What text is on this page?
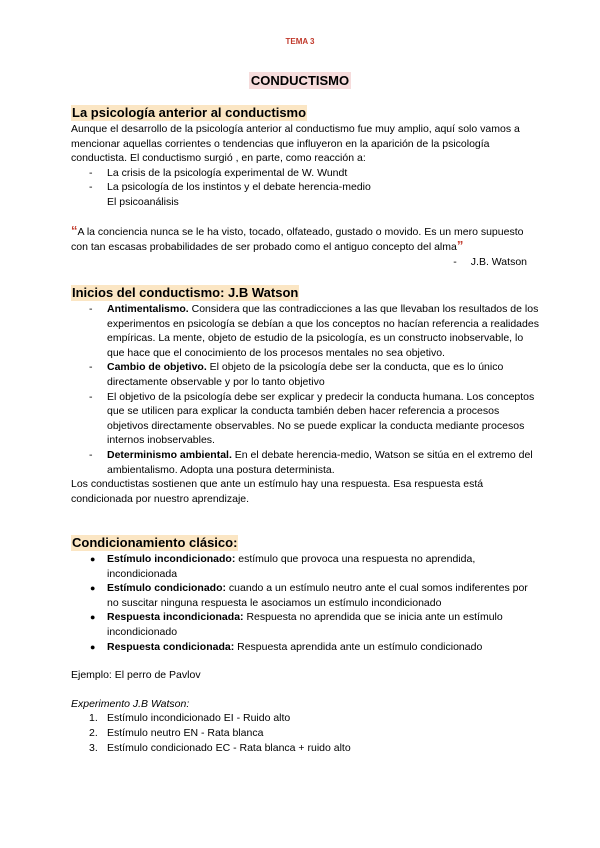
TEMA 3
CONDUCTISMO
La psicología anterior al conductismo
Aunque el desarrollo de la psicología anterior al conductismo fue muy amplio, aquí solo vamos a mencionar aquellas corrientes o tendencias que influyeron en la aparición de la psicología conductista. El conductismo surgió , en parte, como reacción a:
- La crisis de la psicología experimental de W. Wundt
- La psicología de los instintos y el debate herencia-medio
El psicoanálisis
“A la conciencia nunca se le ha visto, tocado, olfateado, gustado o movido. Es un mero supuesto con tan escasas probabilidades de ser probado como el antiguo concepto del alma”
- J.B. Watson
Inicios del conductismo: J.B Watson
- Antimentalismo. Considera que las contradicciones a las que llevaban los resultados de los experimentos en psicología se debían a que los conceptos no hacían referencia a realidades empíricas. La mente, objeto de estudio de la psicología, es un constructo inobservable, lo que hace que el conocimiento de los procesos mentales no sea objetivo.
- Cambio de objetivo. El objeto de la psicología debe ser la conducta, que es lo único directamente observable y por lo tanto objetivo
- El objetivo de la psicología debe ser explicar y predecir la conducta humana. Los conceptos que se utilicen para explicar la conducta también deben hacer referencia a procesos objetivos directamente observables. No se puede explicar la conducta mediante procesos internos inobservables.
- Determinismo ambiental. En el debate herencia-medio, Watson se sitúa en el extremo del ambientalismo. Adopta una postura determinista.
Los conductistas sostienen que ante un estímulo hay una respuesta. Esa respuesta está condicionada por nuestro aprendizaje.
Condicionamiento clásico:
● Estímulo incondicionado: estímulo que provoca una respuesta no aprendida, incondicionada
● Estímulo condicionado: cuando a un estímulo neutro ante el cual somos indiferentes por no suscitar ninguna respuesta le asociamos un estímulo incondicionado
● Respuesta incondicionada: Respuesta no aprendida que se inicia ante un estímulo incondicionado
● Respuesta condicionada: Respuesta aprendida ante un estímulo condicionado
Ejemplo: El perro de Pavlov
Experimento J.B Watson:
1. Estímulo incondicionado EI - Ruido alto
2. Estímulo neutro EN - Rata blanca
3. Estímulo condicionado EC - Rata blanca + ruido alto
